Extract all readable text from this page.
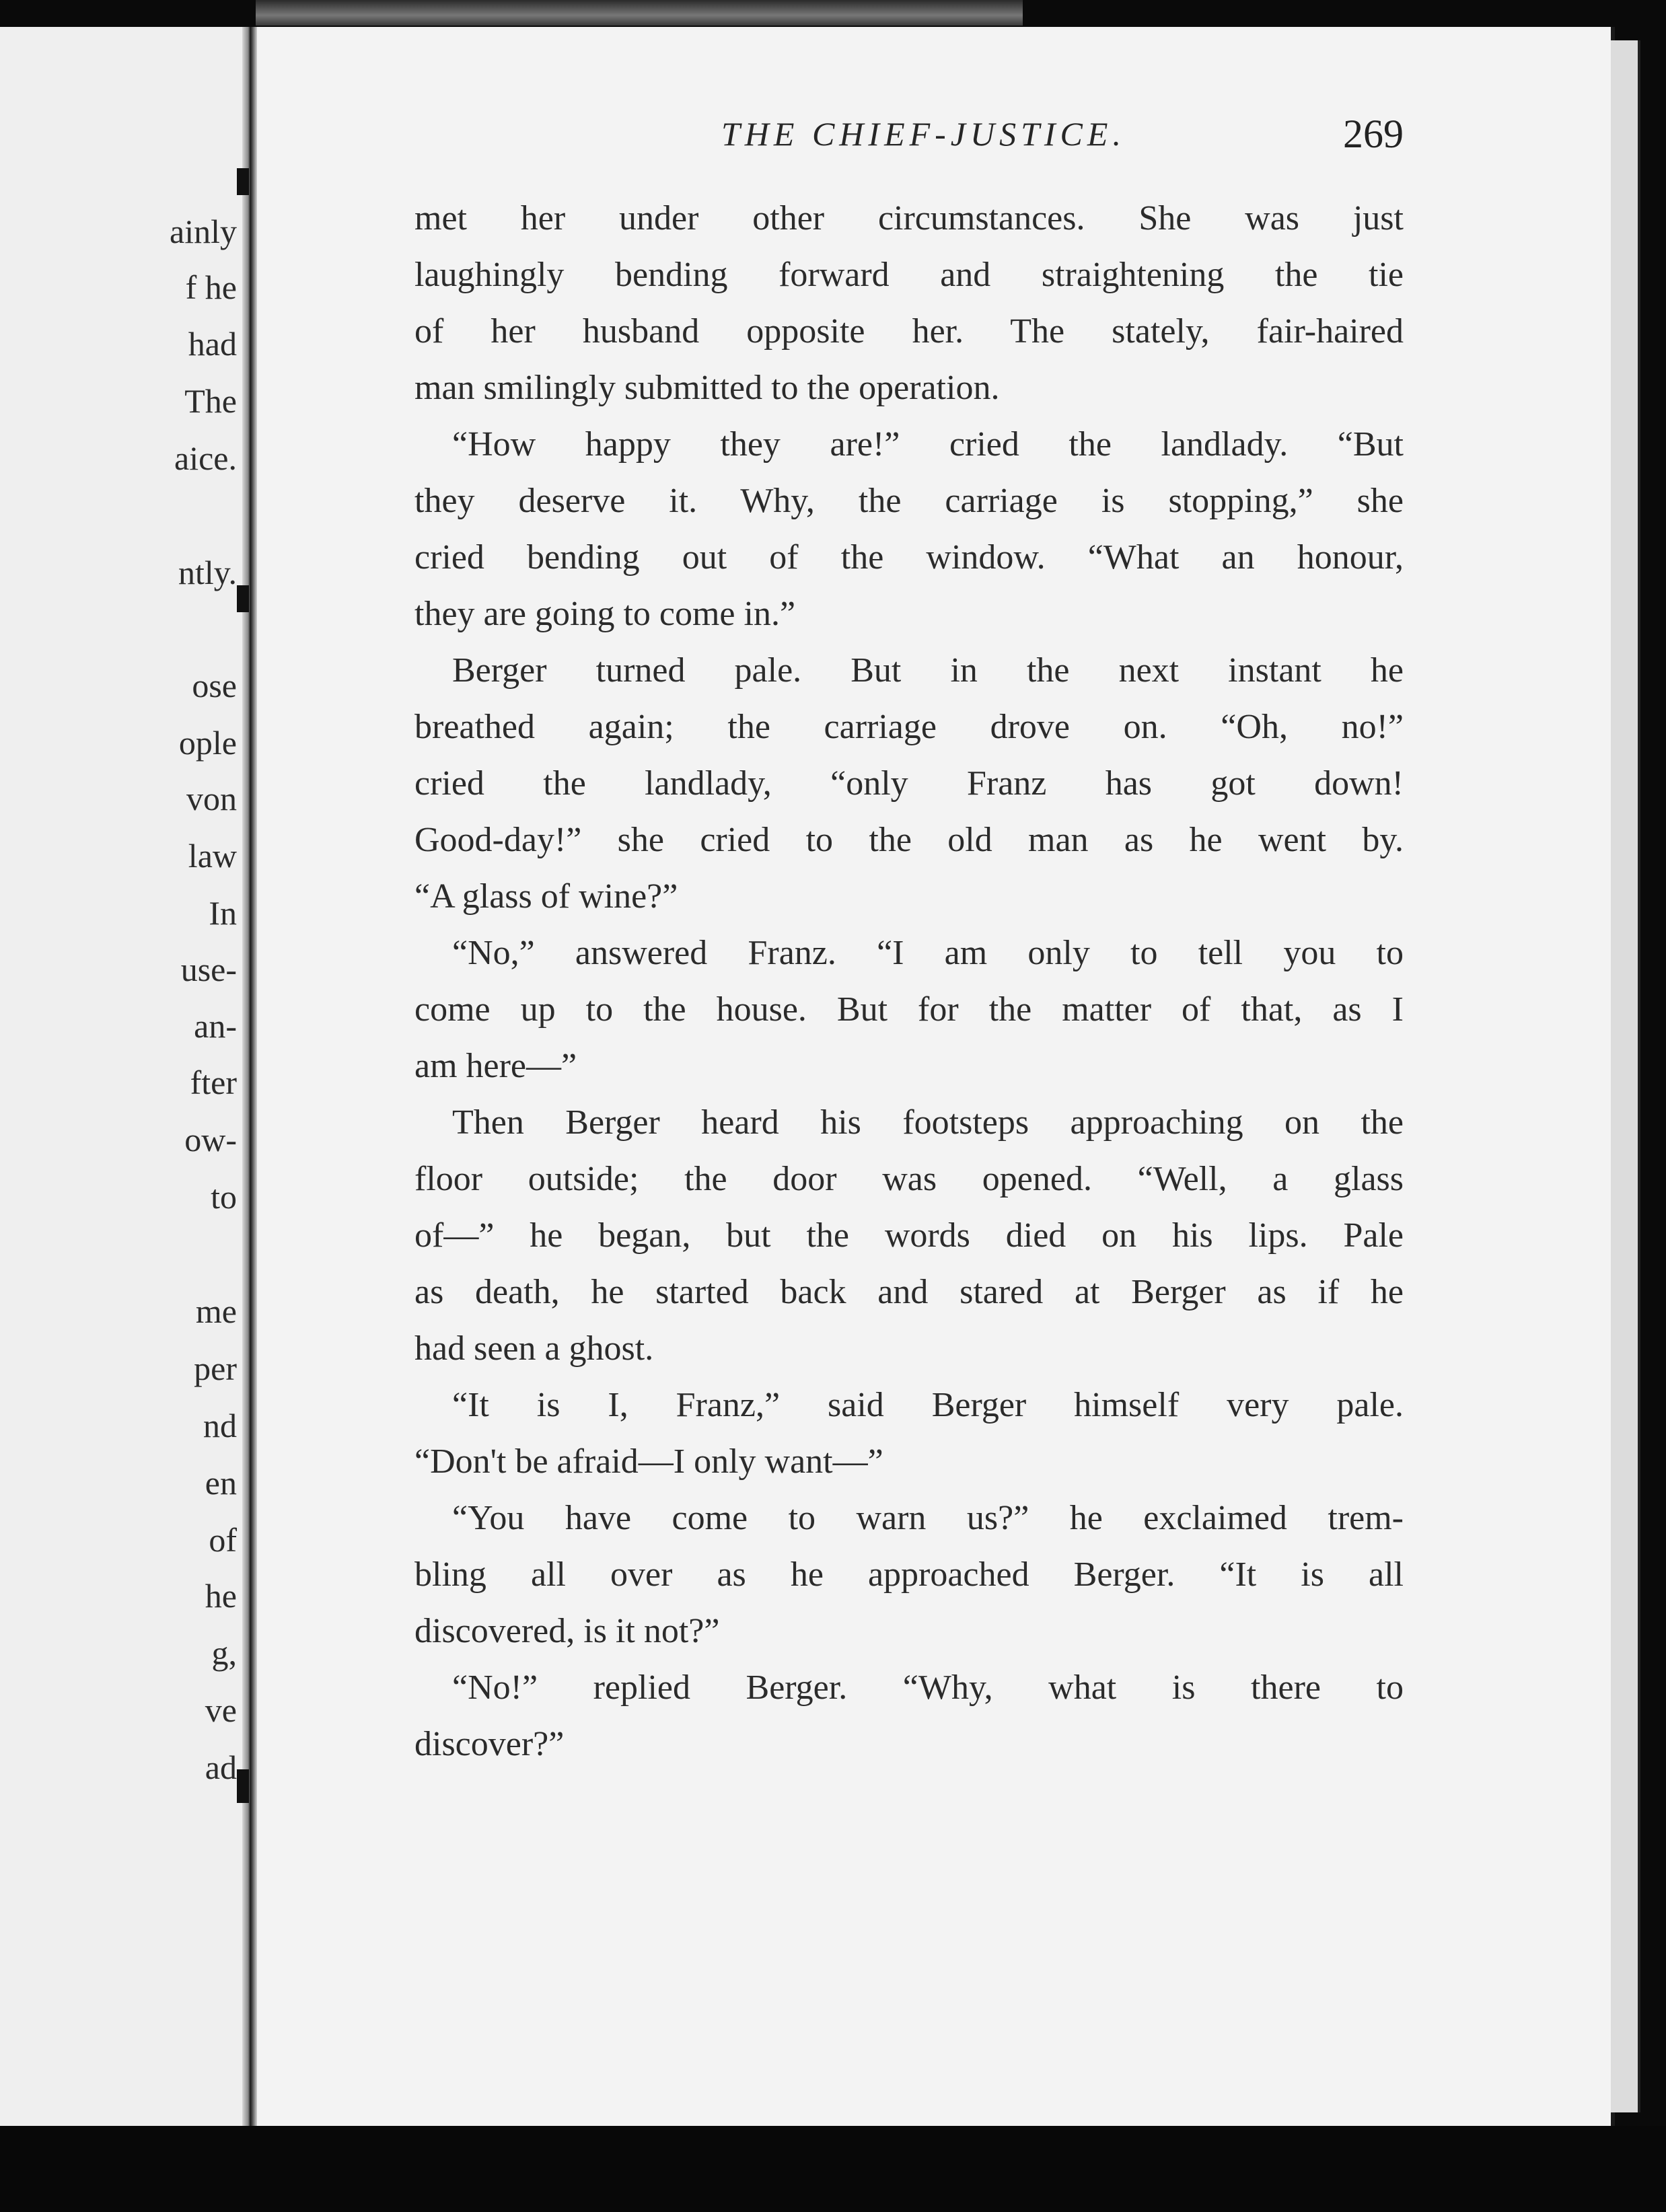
ainly
f he
had
The
aice.
ntly.
ose
ople
von
law
In
use-
an-
fter
ow-
to
me
per
nd
en
of
he
g,
ve
ad
THE CHIEF-JUSTICE.	269
met her under other circumstances. She was just
laughingly bending forward and straightening the tie
of her husband opposite her. The stately, fair-haired
man smilingly submitted to the operation.
“How happy they are!” cried the landlady. “But
they deserve it. Why, the carriage is stopping,” she
cried bending out of the window. “What an honour,
they are going to come in.”
Berger turned pale. But in the next instant he
breathed again; the carriage drove on. “Oh, no!”
cried the landlady, “only Franz has got down!
Good-day!” she cried to the old man as he went by.
“A glass of wine?”
“No,” answered Franz. “I am only to tell you to
come up to the house. But for the matter of that, as I
am here—”
Then Berger heard his footsteps approaching on the
floor outside; the door was opened. “Well, a glass
of—” he began, but the words died on his lips. Pale
as death, he started back and stared at Berger as if he
had seen a ghost.
“It is I, Franz,” said Berger himself very pale.
“Don't be afraid—I only want—”
“You have come to warn us?” he exclaimed trem-
bling all over as he approached Berger. “It is all
discovered, is it not?”
“No!” replied Berger. “Why, what is there to
discover?”
